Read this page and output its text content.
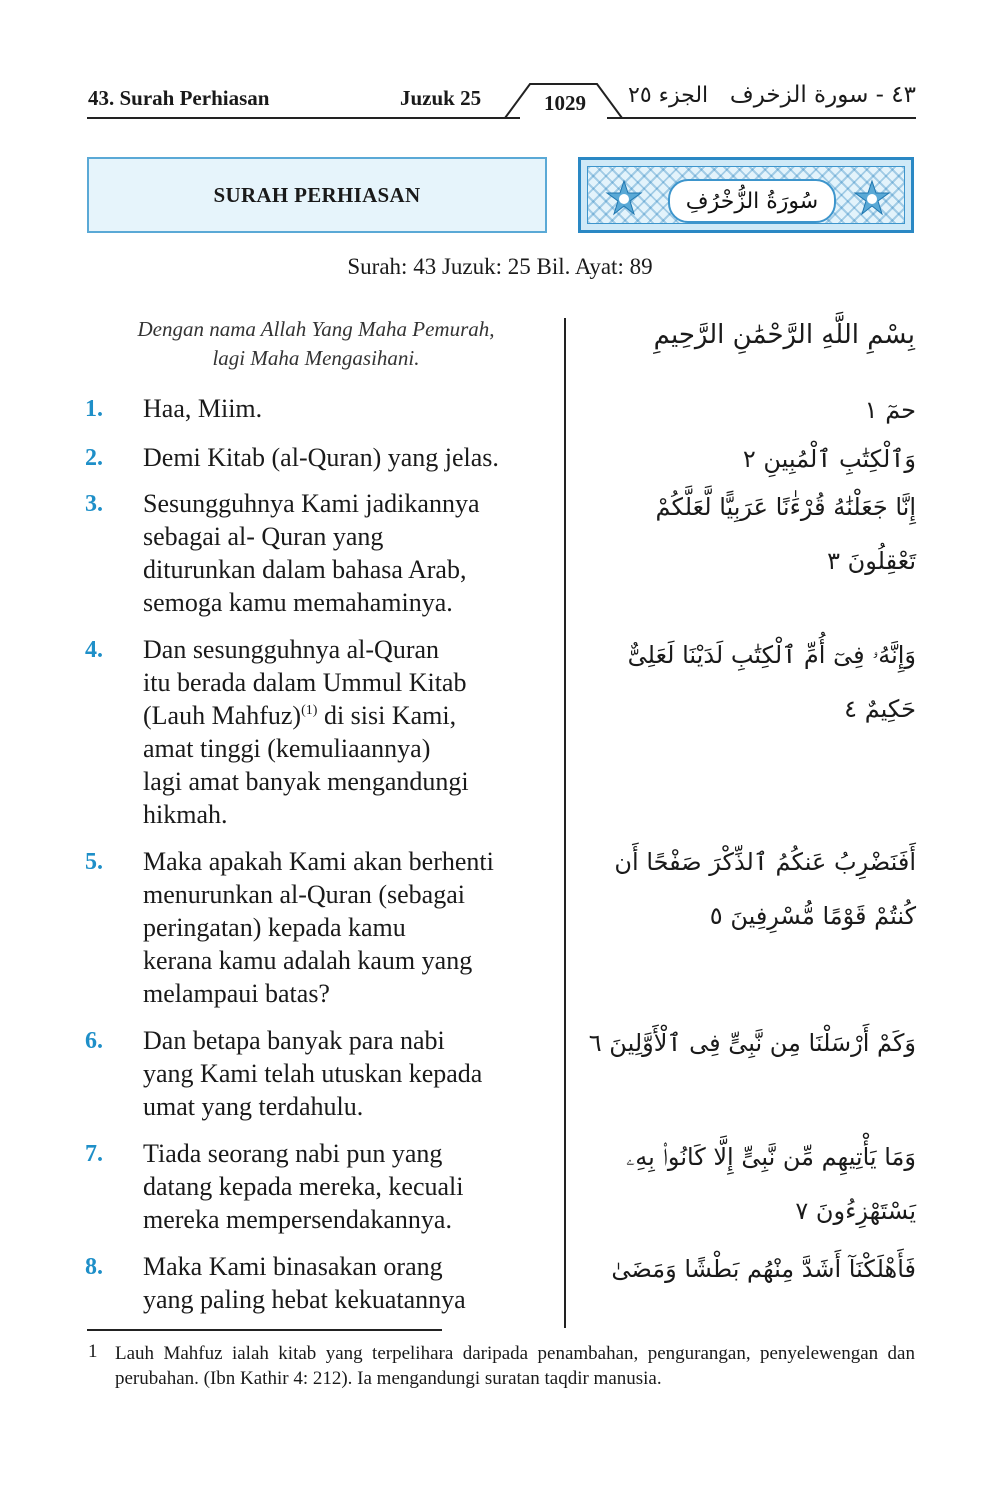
43. Surah Perhiasan	Juzuk 25	1029 الجزء ٢٥ ٤٣ - سورة الزخرف
SURAH PERHIASAN	سُورَةُ الزُّخْرُفِ
Surah: 43 Juzuk: 25 Bil. Ayat: 89
Dengan nama Allah Yang Maha Pemurah,
lagi Maha Mengasihani.
بِسْمِ اللَّهِ الرَّحْمَٰنِ الرَّحِيمِ
1. Haa, Miim.	حمٓ ١
2. Demi Kitab (al-Quran) yang jelas.	وَٱلْكِتَٰبِ ٱلْمُبِينِ ٢
3. Sesungguhnya Kami jadikannya
sebagai al- Quran yang
diturunkan dalam bahasa Arab,
semoga kamu memahaminya.
إِنَّا جَعَلْنَٰهُ قُرْءَٰنًا عَرَبِيًّا لَّعَلَّكُمْ
تَعْقِلُونَ ٣
4. Dan sesungguhnya al-Quran
itu berada dalam Ummul Kitab
(Lauh Mahfuz)$^{(1)}$ di sisi Kami,
amat tinggi (kemuliaannya)
lagi amat banyak mengandungi
hikmah.
وَإِنَّهُۥ فِىٓ أُمِّ ٱلْكِتَٰبِ لَدَيْنَا لَعَلِىٌّ
حَكِيمٌ ٤
5. Maka apakah Kami akan berhenti
menurunkan al-Quran (sebagai
peringatan) kepada kamu
kerana kamu adalah kaum yang
melampaui batas?
أَفَنَضْرِبُ عَنكُمُ ٱلذِّكْرَ صَفْحًا أَن
كُنتُمْ قَوْمًا مُّسْرِفِينَ ٥
6. Dan betapa banyak para nabi
yang Kami telah utuskan kepada
umat yang terdahulu.
وَكَمْ أَرْسَلْنَا مِن نَّبِىٍّ فِى ٱلْأَوَّلِينَ ٦
7. Tiada seorang nabi pun yang
datang kepada mereka, kecuali
mereka mempersendakannya.
وَمَا يَأْتِيهِم مِّن نَّبِىٍّ إِلَّا كَانُوا۟ بِهِۦ
يَسْتَهْزِءُونَ ٧
8. Maka Kami binasakan orang
yang paling hebat kekuatannya
فَأَهْلَكْنَآ أَشَدَّ مِنْهُم بَطْشًا وَمَضَىٰ
1 Lauh Mahfuz ialah kitab yang terpelihara daripada penambahan, pengurangan, penyelewengan dan perubahan. (Ibn Kathir 4: 212). Ia mengandungi suratan taqdir manusia.
